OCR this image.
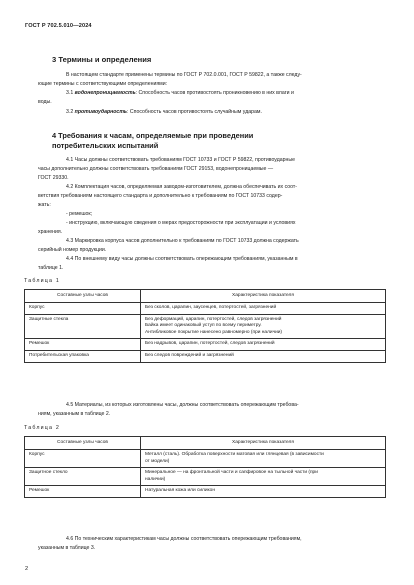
ГОСТ Р 702.5.010—2024
3 Термины и определения
В настоящем стандарте применены термины по ГОСТ Р 702.0.001, ГОСТ Р 59822, а также следу-
ющие термины с соответствующими определениями:
3.1 водонепроницаемость: Способность часов противостоять проникновению в них влаги и
воды.
3.2 противоударность: Способность часов противостоять случайным ударам.
4 Требования к часам, определяемые при проведении
потребительских испытаний
4.1 Часы должны соответствовать требованиям ГОСТ 10733 и ГОСТ Р 59822, противоударные
часы дополнительно должны соответствовать требованиям ГОСТ 29153, водонепроницаемые —
ГОСТ 29330.
4.2 Комплектация часов, определяемая заводом-изготовителем, должна обеспечивать их соот-
ветствия требованиям настоящего стандарта и дополнительно к требованиям по ГОСТ 10733 содер-
жать:
- ремешок;
- инструкцию, включающую сведения о мерах предосторожности при эксплуатации и условиях
хранения.
4.3 Маркировка корпуса часов дополнительно к требованиям по ГОСТ 10733 должна содержать
серийный номер продукции.
4.4 По внешнему виду часы должны соответствовать опережающим требованиям, указанным в
таблице 1.
Таблица 1
Составные узлы часов	Характеристика показателя
Корпус	Без сколов, царапин, заусенцев, потертостей, загрязнений

Защитные стекла	Без деформаций, царапин, потертостей, следов загрязнений
Байка имеет одинаковый уступ по всему периметру.
Антибликовое покрытие нанесено равномерно (при наличии)

Ремешок	Без надрывов, царапин, потертостей, следов загрязнений

Потребительская упаковка	Без следов повреждений и загрязнений
4.5 Материалы, из которых изготовлены часы, должны соответствовать опережающим требова-
ниям, указанным в таблице 2.
Таблица 2
Составные узлы часов	Характеристика показателя
Корпус	Металл (сталь). Обработка поверхности матовая или глянцевая (в зависимости
от модели)

Защитное стекло	Минеральное — на фронтальной части и сапфировое на тыльной части (при
наличии)

Ремешок	Натуральная кожа или силикон
4.6 По техническим характеристикам часы должны соответствовать опережающим требованиям,
указанным в таблице 3.
2
